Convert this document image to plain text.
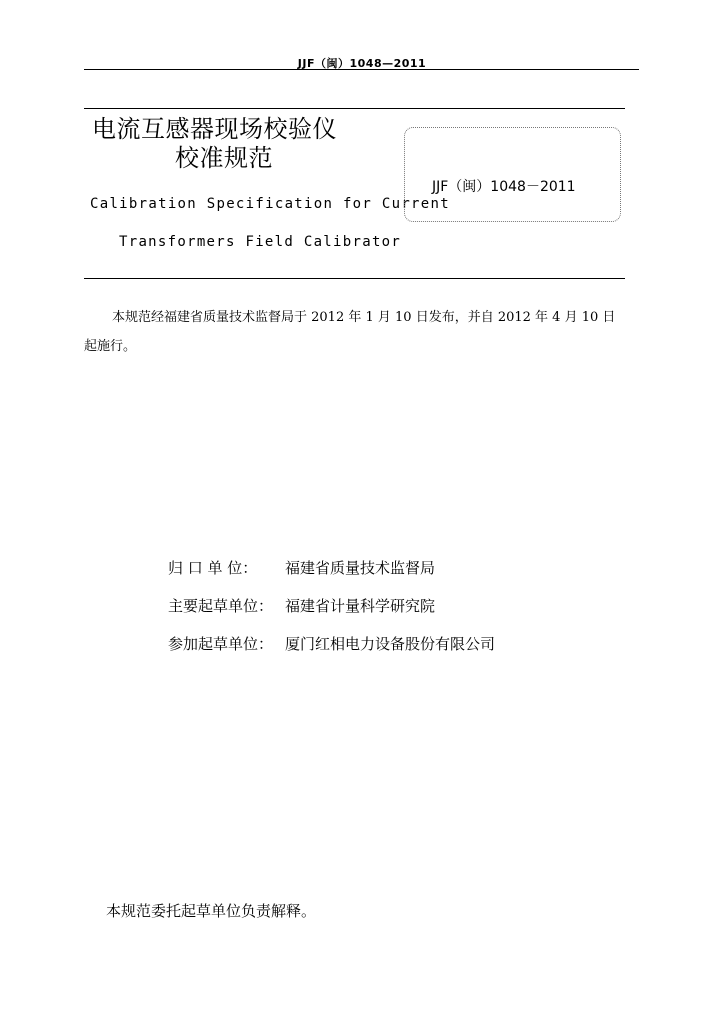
JJF（闽）1048—2011
电流互感器现场校验仪
校准规范
Calibration Specification for Current
Transformers Field Calibrator
JJF（闽）1048－2011
本规范经福建省质量技术监督局于 2012 年 1 月 10 日发布，并自 2012 年 4 月 10 日
起施行。
归 口 单 位： 福建省质量技术监督局
主要起草单位： 福建省计量科学研究院
参加起草单位： 厦门红相电力设备股份有限公司
本规范委托起草单位负责解释。
